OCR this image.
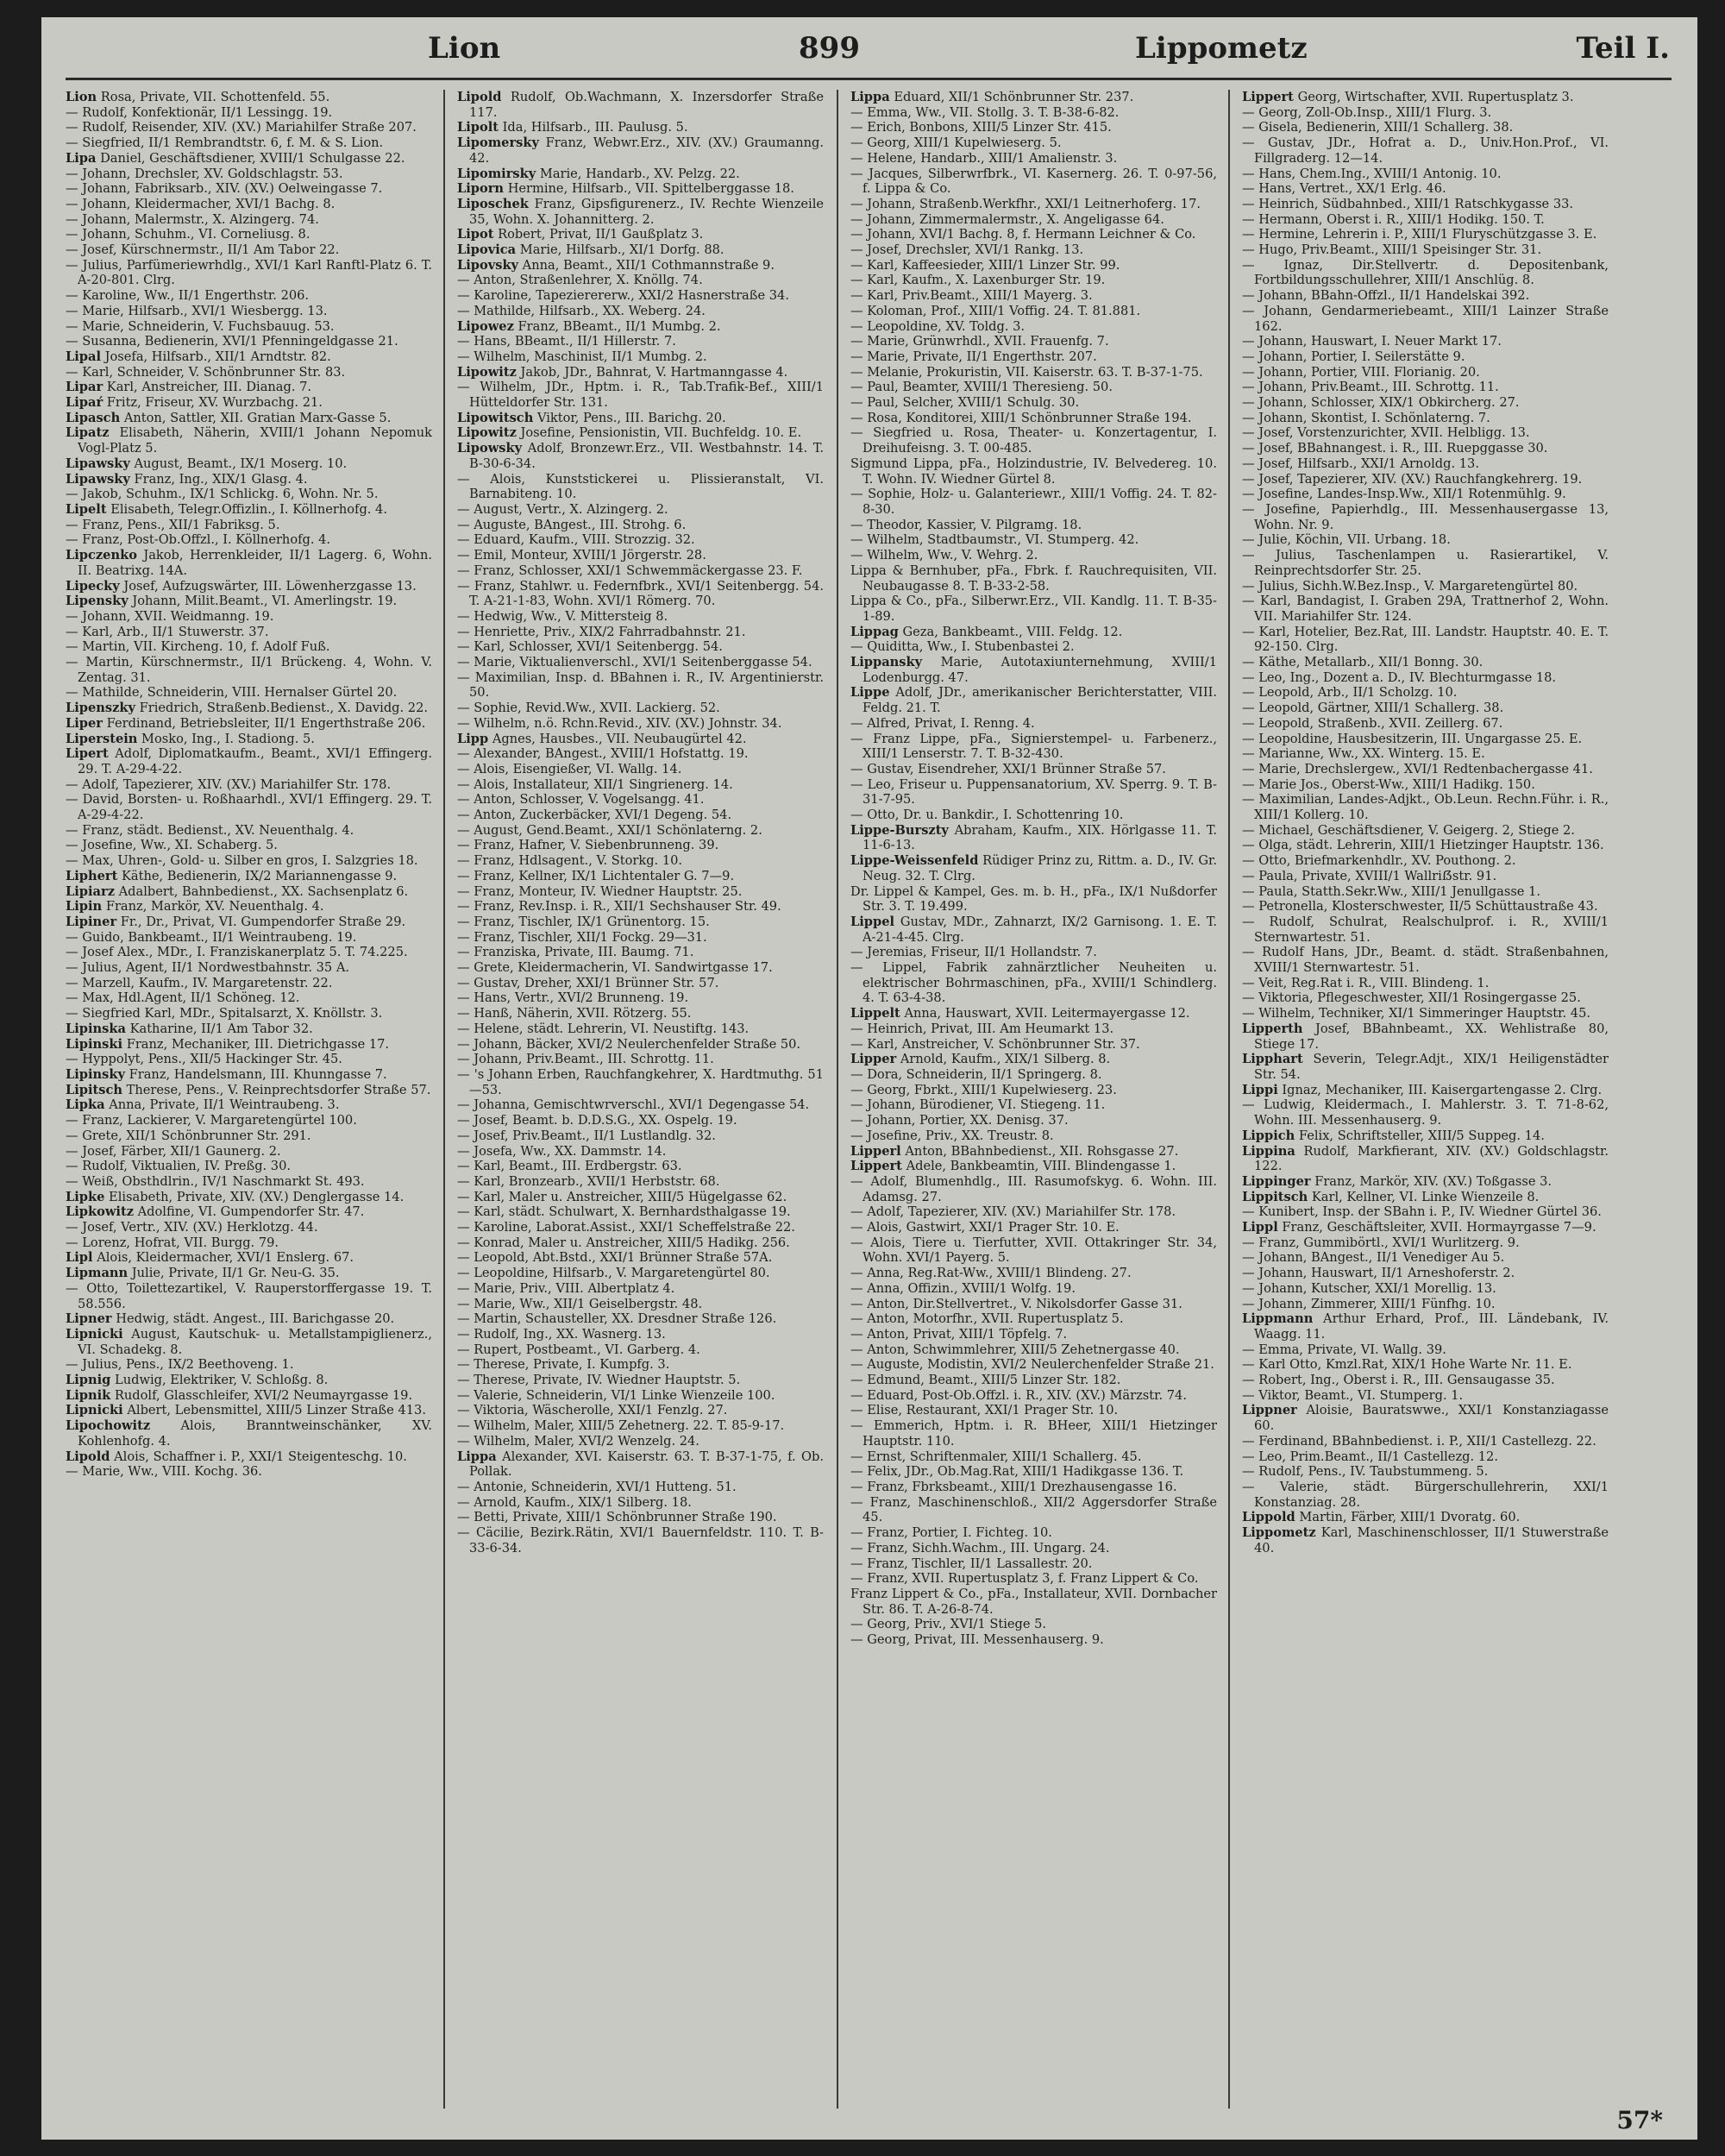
Lion	899	Lippometz	Teil I.

Lion Rosa, Private, VII. Schottenfeld. 55.

— Rudolf, Konfektionär, II/1 Lessingg. 19.

— Rudolf, Reisender, XIV. (XV.) Mariahilfer Straße 207.

— Siegfried, II/1 Rembrandtstr. 6, f. M. & S. Lion.

Lipa Daniel, Geschäftsdiener, XVIII/1 Schulgasse 22.

— Johann, Drechsler, XV. Goldschlagstr. 53.

— Johann, Fabriksarb., XIV. (XV.) Oelweingasse 7.

— Johann, Kleidermacher, XVI/1 Bachg. 8.

— Johann, Malermstr., X. Alzingerg. 74.

— Johann, Schuhm., VI. Corneliusg. 8.

— Josef, Kürschnermstr., II/1 Am Tabor 22.

— Julius, Parfümeriewrhdlg., XVI/1 Karl Ranftl-Platz 6. T. A-20-801. Clrg.

— Karoline, Ww., II/1 Engerthstr. 206.

— Marie, Hilfsarb., XVI/1 Wiesbergg. 13.

— Marie, Schneiderin, V. Fuchsbauug. 53.

— Susanna, Bedienerin, XVI/1 Pfenningeldgasse 21.

Lipal Josefa, Hilfsarb., XII/1 Arndtstr. 82.

— Karl, Schneider, V. Schönbrunner Str. 83.

Lipar Karl, Anstreicher, III. Dianag. 7.

Lipaŕ Fritz, Friseur, XV. Wurzbachg. 21.

Lipasch Anton, Sattler, XII. Gratian Marx-Gasse 5.

Lipatz Elisabeth, Näherin, XVIII/1 Johann Nepomuk Vogl-Platz 5.

Lipawsky August, Beamt., IX/1 Moserg. 10.

Lipawsky Franz, Ing., XIX/1 Glasg. 4.

— Jakob, Schuhm., IX/1 Schlickg. 6, Wohn. Nr. 5.

Lipelt Elisabeth, Telegr.Offizlin., I. Köllnerhofg. 4.

— Franz, Pens., XII/1 Fabriksg. 5.

— Franz, Post-Ob.Offzl., I. Köllnerhofg. 4.

Lipczenko Jakob, Herrenkleider, II/1 Lagerg. 6, Wohn. II. Beatrixg. 14A.

Lipecky Josef, Aufzugswärter, III. Löwenherzgasse 13.

Lipensky Johann, Milit.Beamt., VI. Amerlingstr. 19.

— Johann, XVII. Weidmanng. 19.

— Karl, Arb., II/1 Stuwerstr. 37.

— Martin, VII. Kircheng. 10, f. Adolf Fuß.

— Martin, Kürschnermstr., II/1 Brückeng. 4, Wohn. V. Zentag. 31.

— Mathilde, Schneiderin, VIII. Hernalser Gürtel 20.

Lipenszky Friedrich, Straßenb.Bedienst., X. Davidg. 22.

Liper Ferdinand, Betriebsleiter, II/1 Engerthstraße 206.

Liperstein Mosko, Ing., I. Stadiong. 5.

Lipert Adolf, Diplomatkaufm., Beamt., XVI/1 Effingerg. 29. T. A-29-4-22.

— Adolf, Tapezierer, XIV. (XV.) Mariahilfer Str. 178.

— David, Borsten- u. Roßhaarhdl., XVI/1 Effingerg. 29. T. A-29-4-22.

— Franz, städt. Bedienst., XV. Neuenthalg. 4.

— Josefine, Ww., XI. Schaberg. 5.

— Max, Uhren-, Gold- u. Silber en gros, I. Salzgries 18.

Liphert Käthe, Bedienerin, IX/2 Mariannengasse 9.

Lipiarz Adalbert, Bahnbedienst., XX. Sachsenplatz 6.

Lipin Franz, Markör, XV. Neuenthalg. 4.

Lipiner Fr., Dr., Privat, VI. Gumpendorfer Straße 29.

— Guido, Bankbeamt., II/1 Weintraubeng. 19.

— Josef Alex., MDr., I. Franziskanerplatz 5. T. 74.225.

— Julius, Agent, II/1 Nordwestbahnstr. 35 A.

— Marzell, Kaufm., IV. Margaretenstr. 22.

— Max, Hdl.Agent, II/1 Schöneg. 12.

— Siegfried Karl, MDr., Spitalsarzt, X. Knöllstr. 3.

Lipinska Katharine, II/1 Am Tabor 32.

Lipinski Franz, Mechaniker, III. Dietrichgasse 17.

— Hyppolyt, Pens., XII/5 Hackinger Str. 45.

Lipinsky Franz, Handelsmann, III. Khunngasse 7.

Lipitsch Therese, Pens., V. Reinprechtsdorfer Straße 57.

Lipka Anna, Private, II/1 Weintraubeng. 3.

— Franz, Lackierer, V. Margaretengürtel 100.

— Grete, XII/1 Schönbrunner Str. 291.

— Josef, Färber, XII/1 Gaunerg. 2.

— Rudolf, Viktualien, IV. Preßg. 30.

— Weiß, Obsthdlrin., IV/1 Naschmarkt St. 493.

Lipke Elisabeth, Private, XIV. (XV.) Denglergasse 14.

Lipkowitz Adolfine, VI. Gumpendorfer Str. 47.

— Josef, Vertr., XIV. (XV.) Herklotzg. 44.

— Lorenz, Hofrat, VII. Burgg. 79.

Lipl Alois, Kleidermacher, XVI/1 Enslerg. 67.

Lipmann Julie, Private, II/1 Gr. Neu-G. 35.

— Otto, Toilettezartikel, V. Rauperstorffergasse 19. T. 58.556.

Lipner Hedwig, städt. Angest., III. Barichgasse 20.

Lipnicki August, Kautschuk- u. Metallstampiglienerz., VI. Schadekg. 8.

— Julius, Pens., IX/2 Beethoveng. 1.

Lipnig Ludwig, Elektriker, V. Schloßg. 8.

Lipnik Rudolf, Glasschleifer, XVI/2 Neumayrgasse 19.

Lipnicki Albert, Lebensmittel, XIII/5 Linzer Straße 413.

Lipochowitz Alois, Branntweinschänker, XV. Kohlenhofg. 4.

Lipold Alois, Schaffner i. P., XXI/1 Steigenteschg. 10.

— Marie, Ww., VIII. Kochg. 36.

Lipold Rudolf, Ob.Wachmann, X. Inzersdorfer Straße 117.

Lipolt Ida, Hilfsarb., III. Paulusg. 5.

Lipomersky Franz, Webwr.Erz., XIV. (XV.) Graumanng. 42.

Lipomirsky Marie, Handarb., XV. Pelzg. 22.

Liporn Hermine, Hilfsarb., VII. Spittelberggasse 18.

Liposchek Franz, Gipsfigurenerz., IV. Rechte Wienzeile 35, Wohn. X. Johannitterg. 2.

Lipot Robert, Privat, II/1 Gaußplatz 3.

Lipovica Marie, Hilfsarb., XI/1 Dorfg. 88.

Lipovsky Anna, Beamt., XII/1 Cothmannstraße 9.

— Anton, Straßenlehrer, X. Knöllg. 74.

— Karoline, Tapezierererw., XXI/2 Hasnerstraße 34.

— Mathilde, Hilfsarb., XX. Weberg. 24.

Lipowez Franz, BBeamt., II/1 Mumbg. 2.

— Hans, BBeamt., II/1 Hillerstr. 7.

— Wilhelm, Maschinist, II/1 Mumbg. 2.

Lipowitz Jakob, JDr., Bahnrat, V. Hartmanngasse 4.

— Wilhelm, JDr., Hptm. i. R., Tab.Trafik-Bef., XIII/1 Hütteldorfer Str. 131.

Lipowitsch Viktor, Pens., III. Barichg. 20.

Lipowitz Josefine, Pensionistin, VII. Buchfeldg. 10. E.

Lipowsky Adolf, Bronzewr.Erz., VII. Westbahnstr. 14. T. B-30-6-34.

— Alois, Kunststickerei u. Plissieranstalt, VI. Barnabiteng. 10.

— August, Vertr., X. Alzingerg. 2.

— Auguste, BAngest., III. Strohg. 6.

— Eduard, Kaufm., VIII. Strozzig. 32.

— Emil, Monteur, XVIII/1 Jörgerstr. 28.

— Franz, Schlosser, XXI/1 Schwemmäckergasse 23. F.

— Franz, Stahlwr. u. Federnfbrk., XVI/1 Seitenbergg. 54. T. A-21-1-83, Wohn. XVI/1 Römerg. 70.

— Hedwig, Ww., V. Mittersteig 8.

— Henriette, Priv., XIX/2 Fahrradbahnstr. 21.

— Karl, Schlosser, XVI/1 Seitenbergg. 54.

— Marie, Viktualienverschl., XVI/1 Seitenberggasse 54.

— Maximilian, Insp. d. BBahnen i. R., IV. Argentinierstr. 50.

— Sophie, Revid.Ww., XVII. Lackierg. 52.

— Wilhelm, n.ö. Rchn.Revid., XIV. (XV.) Johnstr. 34.

Lipp Agnes, Hausbes., VII. Neubaugürtel 42.

— Alexander, BAngest., XVIII/1 Hofstattg. 19.

— Alois, Eisengießer, VI. Wallg. 14.

— Alois, Installateur, XII/1 Singrienerg. 14.

— Anton, Schlosser, V. Vogelsangg. 41.

— Anton, Zuckerbäcker, XVI/1 Degeng. 54.

— August, Gend.Beamt., XXI/1 Schönlaterng. 2.

— Franz, Hafner, V. Siebenbrunneng. 39.

— Franz, Hdlsagent., V. Storkg. 10.

— Franz, Kellner, IX/1 Lichtentaler G. 7—9.

— Franz, Monteur, IV. Wiedner Hauptstr. 25.

— Franz, Rev.Insp. i. R., XII/1 Sechshauser Str. 49.

— Franz, Tischler, IX/1 Grünentorg. 15.

— Franz, Tischler, XII/1 Fockg. 29—31.

— Franziska, Private, III. Baumg. 71.

— Grete, Kleidermacherin, VI. Sandwirtgasse 17.

— Gustav, Dreher, XXI/1 Brünner Str. 57.

— Hans, Vertr., XVI/2 Brunneng. 19.

— Hanß, Näherin, XVII. Rötzerg. 55.

— Helene, städt. Lehrerin, VI. Neustiftg. 143.

— Johann, Bäcker, XVI/2 Neulerchenfelder Straße 50.

— Johann, Priv.Beamt., III. Schrottg. 11.

— 's Johann Erben, Rauchfangkehrer, X. Hardtmuthg. 51—53.

— Johanna, Gemischtwrverschl., XVI/1 Degengasse 54.

— Josef, Beamt. b. D.D.S.G., XX. Ospelg. 19.

— Josef, Priv.Beamt., II/1 Lustlandlg. 32.

— Josefa, Ww., XX. Dammstr. 14.

— Karl, Beamt., III. Erdbergstr. 63.

— Karl, Bronzearb., XVII/1 Herbststr. 68.

— Karl, Maler u. Anstreicher, XIII/5 Hügelgasse 62.

— Karl, städt. Schulwart, X. Bernhardsthalgasse 19.

— Karoline, Laborat.Assist., XXI/1 Scheffelstraße 22.

— Konrad, Maler u. Anstreicher, XIII/5 Hadikg. 256.

— Leopold, Abt.Bstd., XXI/1 Brünner Straße 57A.

— Leopoldine, Hilfsarb., V. Margaretengürtel 80.

— Marie, Priv., VIII. Albertplatz 4.

— Marie, Ww., XII/1 Geiselbergstr. 48.

— Martin, Schausteller, XX. Dresdner Straße 126.

— Rudolf, Ing., XX. Wasnerg. 13.

— Rupert, Postbeamt., VI. Garberg. 4.

— Therese, Private, I. Kumpfg. 3.

— Therese, Private, IV. Wiedner Hauptstr. 5.

— Valerie, Schneiderin, VI/1 Linke Wienzeile 100.

— Viktoria, Wäscherolle, XXI/1 Fenzlg. 27.

— Wilhelm, Maler, XIII/5 Zehetnerg. 22. T. 85-9-17.

— Wilhelm, Maler, XVI/2 Wenzelg. 24.

Lippa Alexander, XVI. Kaiserstr. 63. T. B-37-1-75, f. Ob. Pollak.

— Antonie, Schneiderin, XVI/1 Hutteng. 51.

— Arnold, Kaufm., XIX/1 Silberg. 18.

— Betti, Private, XIII/1 Schönbrunner Straße 190.

— Cäcilie, Bezirk.Rätin, XVI/1 Bauernfeldstr. 110. T. B-33-6-34.

Lippa Eduard, XII/1 Schönbrunner Str. 237.

— Emma, Ww., VII. Stollg. 3. T. B-38-6-82.

— Erich, Bonbons, XIII/5 Linzer Str. 415.

— Georg, XIII/1 Kupelwieserg. 5.

— Helene, Handarb., XIII/1 Amalienstr. 3.

— Jacques, Silberwrfbrk., VI. Kasernerg. 26. T. 0-97-56, f. Lippa & Co.

— Johann, Straßenb.Werkfhr., XXI/1 Leitnerhoferg. 17.

— Johann, Zimmermalermstr., X. Angeligasse 64.

— Johann, XVI/1 Bachg. 8, f. Hermann Leichner & Co.

— Josef, Drechsler, XVI/1 Rankg. 13.

— Karl, Kaffeesieder, XIII/1 Linzer Str. 99.

— Karl, Kaufm., X. Laxenburger Str. 19.

— Karl, Priv.Beamt., XIII/1 Mayerg. 3.

— Koloman, Prof., XIII/1 Voffig. 24. T. 81.881.

— Leopoldine, XV. Toldg. 3.

— Marie, Grünwrhdl., XVII. Frauenfg. 7.

— Marie, Private, II/1 Engerthstr. 207.

— Melanie, Prokuristin, VII. Kaiserstr. 63. T. B-37-1-75.

— Paul, Beamter, XVIII/1 Theresieng. 50.

— Paul, Selcher, XVIII/1 Schulg. 30.

— Rosa, Konditorei, XIII/1 Schönbrunner Straße 194.

— Siegfried u. Rosa, Theater- u. Konzertagentur, I. Dreihufeisng. 3. T. 00-485.

Sigmund Lippa, pFa., Holzindustrie, IV. Belvedereg. 10. T. Wohn. IV. Wiedner Gürtel 8.

— Sophie, Holz- u. Galanteriewr., XIII/1 Voffig. 24. T. 82-8-30.

— Theodor, Kassier, V. Pilgramg. 18.

— Wilhelm, Stadtbaumstr., VI. Stumperg. 42.

— Wilhelm, Ww., V. Wehrg. 2.

Lippa & Bernhuber, pFa., Fbrk. f. Rauchrequisiten, VII. Neubaugasse 8. T. B-33-2-58.

Lippa & Co., pFa., Silberwr.Erz., VII. Kandlg. 11. T. B-35-1-89.

Lippag Geza, Bankbeamt., VIII. Feldg. 12.

— Quiditta, Ww., I. Stubenbastei 2.

Lippansky Marie, Autotaxiunternehmung, XVIII/1 Lodenburgg. 47.

Lippe Adolf, JDr., amerikanischer Berichterstatter, VIII. Feldg. 21. T.

— Alfred, Privat, I. Renng. 4.

— Franz Lippe, pFa., Signierstempel- u. Farbenerz., XIII/1 Lenserstr. 7. T. B-32-430.

— Gustav, Eisendreher, XXI/1 Brünner Straße 57.

— Leo, Friseur u. Puppensanatorium, XV. Sperrg. 9. T. B-31-7-95.

— Otto, Dr. u. Bankdir., I. Schottenring 10.

Lippe-Burszty Abraham, Kaufm., XIX. Hörlgasse 11. T. 11-6-13.

Lippe-Weissenfeld Rüdiger Prinz zu, Rittm. a. D., IV. Gr. Neug. 32. T. Clrg.

Dr. Lippel & Kampel, Ges. m. b. H., pFa., IX/1 Nußdorfer Str. 3. T. 19.499.

Lippel Gustav, MDr., Zahnarzt, IX/2 Garnisong. 1. E. T. A-21-4-45. Clrg.

— Jeremias, Friseur, II/1 Hollandstr. 7.

— Lippel, Fabrik zahnärztlicher Neuheiten u. elektrischer Bohrmaschinen, pFa., XVIII/1 Schindlerg. 4. T. 63-4-38.

Lippelt Anna, Hauswart, XVII. Leitermayergasse 12.

— Heinrich, Privat, III. Am Heumarkt 13.

— Karl, Anstreicher, V. Schönbrunner Str. 37.

Lipper Arnold, Kaufm., XIX/1 Silberg. 8.

— Dora, Schneiderin, II/1 Springerg. 8.

— Georg, Fbrkt., XIII/1 Kupelwieserg. 23.

— Johann, Bürodiener, VI. Stiegeng. 11.

— Johann, Portier, XX. Denisg. 37.

— Josefine, Priv., XX. Treustr. 8.

Lipperl Anton, BBahnbedienst., XII. Rohsgasse 27.

Lippert Adele, Bankbeamtin, VIII. Blindengasse 1.

— Adolf, Blumenhdlg., III. Rasumofskyg. 6. Wohn. III. Adamsg. 27.

— Adolf, Tapezierer, XIV. (XV.) Mariahilfer Str. 178.

— Alois, Gastwirt, XXI/1 Prager Str. 10. E.

— Alois, Tiere u. Tierfutter, XVII. Ottakringer Str. 34, Wohn. XVI/1 Payerg. 5.

— Anna, Reg.Rat-Ww., XVIII/1 Blindeng. 27.

— Anna, Offizin., XVIII/1 Wolfg. 19.

— Anton, Dir.Stellvertret., V. Nikolsdorfer Gasse 31.

— Anton, Motorfhr., XVII. Rupertusplatz 5.

— Anton, Privat, XIII/1 Töpfelg. 7.

— Anton, Schwimmlehrer, XIII/5 Zehetnergasse 40.

— Auguste, Modistin, XVI/2 Neulerchenfelder Straße 21.

— Edmund, Beamt., XIII/5 Linzer Str. 182.

— Eduard, Post-Ob.Offzl. i. R., XIV. (XV.) Märzstr. 74.

— Elise, Restaurant, XXI/1 Prager Str. 10.

— Emmerich, Hptm. i. R. BHeer, XIII/1 Hietzinger Hauptstr. 110.

— Ernst, Schriftenmaler, XIII/1 Schallerg. 45.

— Felix, JDr., Ob.Mag.Rat, XIII/1 Hadikgasse 136. T.

— Franz, Fbrksbeamt., XIII/1 Drezhausengasse 16.

— Franz, Maschinenschloß., XII/2 Aggersdorfer Straße 45.

— Franz, Portier, I. Fichteg. 10.

— Franz, Sichh.Wachm., III. Ungarg. 24.

— Franz, Tischler, II/1 Lassallestr. 20.

— Franz, XVII. Rupertusplatz 3, f. Franz Lippert & Co.

Franz Lippert & Co., pFa., Installateur, XVII. Dornbacher Str. 86. T. A-26-8-74.

— Georg, Priv., XVI/1 Stiege 5.

— Georg, Privat, III. Messenhauserg. 9.

Lippert Georg, Wirtschafter, XVII. Rupertusplatz 3.

— Georg, Zoll-Ob.Insp., XIII/1 Flurg. 3.

— Gisela, Bedienerin, XIII/1 Schallerg. 38.

— Gustav, JDr., Hofrat a. D., Univ.Hon.Prof., VI. Fillgraderg. 12—14.

— Hans, Chem.Ing., XVIII/1 Antonig. 10.

— Hans, Vertret., XX/1 Erlg. 46.

— Heinrich, Südbahnbed., XIII/1 Ratschkygasse 33.

— Hermann, Oberst i. R., XIII/1 Hodikg. 150. T.

— Hermine, Lehrerin i. P., XIII/1 Fluryschützgasse 3. E.

— Hugo, Priv.Beamt., XIII/1 Speisinger Str. 31.

— Ignaz, Dir.Stellvertr. d. Depositenbank, Fortbildungsschullehrer, XIII/1 Anschlüg. 8.

— Johann, BBahn-Offzl., II/1 Handelskai 392.

— Johann, Gendarmeriebeamt., XIII/1 Lainzer Straße 162.

— Johann, Hauswart, I. Neuer Markt 17.

— Johann, Portier, I. Seilerstätte 9.

— Johann, Portier, VIII. Florianig. 20.

— Johann, Priv.Beamt., III. Schrottg. 11.

— Johann, Schlosser, XIX/1 Obkircherg. 27.

— Johann, Skontist, I. Schönlaterng. 7.

— Josef, Vorstenzurichter, XVII. Helbligg. 13.

— Josef, BBahnangest. i. R., III. Ruepggasse 30.

— Josef, Hilfsarb., XXI/1 Arnoldg. 13.

— Josef, Tapezierer, XIV. (XV.) Rauchfangkehrerg. 19.

— Josefine, Landes-Insp.Ww., XII/1 Rotenmühlg. 9.

— Josefine, Papierhdlg., III. Messenhausergasse 13, Wohn. Nr. 9.

— Julie, Köchin, VII. Urbang. 18.

— Julius, Taschenlampen u. Rasierartikel, V. Reinprechtsdorfer Str. 25.

— Julius, Sichh.W.Bez.Insp., V. Margaretengürtel 80.

— Karl, Bandagist, I. Graben 29A, Trattnerhof 2, Wohn. VII. Mariahilfer Str. 124.

— Karl, Hotelier, Bez.Rat, III. Landstr. Hauptstr. 40. E. T. 92-150. Clrg.

— Käthe, Metallarb., XII/1 Bonng. 30.

— Leo, Ing., Dozent a. D., IV. Blechturmgasse 18.

— Leopold, Arb., II/1 Scholzg. 10.

— Leopold, Gärtner, XIII/1 Schallerg. 38.

— Leopold, Straßenb., XVII. Zeillerg. 67.

— Leopoldine, Hausbesitzerin, III. Ungargasse 25. E.

— Marianne, Ww., XX. Winterg. 15. E.

— Marie, Drechslergew., XVI/1 Redtenbachergasse 41.

— Marie Jos., Oberst-Ww., XIII/1 Hadikg. 150.

— Maximilian, Landes-Adjkt., Ob.Leun. Rechn.Führ. i. R., XIII/1 Kollerg. 10.

— Michael, Geschäftsdiener, V. Geigerg. 2, Stiege 2.

— Olga, städt. Lehrerin, XIII/1 Hietzinger Hauptstr. 136.

— Otto, Briefmarkenhdlr., XV. Pouthong. 2.

— Paula, Private, XVIII/1 Wallriẞstr. 91.

— Paula, Statth.Sekr.Ww., XIII/1 Jenullgasse 1.

— Petronella, Klosterschwester, II/5 Schüttaustraße 43.

— Rudolf, Schulrat, Realschulprof. i. R., XVIII/1 Sternwartestr. 51.

— Rudolf Hans, JDr., Beamt. d. städt. Straßenbahnen, XVIII/1 Sternwartestr. 51.

— Veit, Reg.Rat i. R., VIII. Blindeng. 1.

— Viktoria, Pflegeschwester, XII/1 Rosingergasse 25.

— Wilhelm, Techniker, XI/1 Simmeringer Hauptstr. 45.

Lipperth Josef, BBahnbeamt., XX. Wehlistraße 80, Stiege 17.

Lipphart Severin, Telegr.Adjt., XIX/1 Heiligenstädter Str. 54.

Lippi Ignaz, Mechaniker, III. Kaisergartengasse 2. Clrg.

— Ludwig, Kleidermach., I. Mahlerstr. 3. T. 71-8-62, Wohn. III. Messenhauserg. 9.

Lippich Felix, Schriftsteller, XIII/5 Suppeg. 14.

Lippina Rudolf, Markfierant, XIV. (XV.) Goldschlagstr. 122.

Lippinger Franz, Markör, XIV. (XV.) Toßgasse 3.

Lippitsch Karl, Kellner, VI. Linke Wienzeile 8.

— Kunibert, Insp. der SBahn i. P., IV. Wiedner Gürtel 36.

Lippl Franz, Geschäftsleiter, XVII. Hormayrgasse 7—9.

— Franz, Gummibörtl., XVI/1 Wurlitzerg. 9.

— Johann, BAngest., II/1 Venediger Au 5.

— Johann, Hauswart, II/1 Arneshoferstr. 2.

— Johann, Kutscher, XXI/1 Morellig. 13.

— Johann, Zimmerer, XIII/1 Fünfhg. 10.

Lippmann Arthur Erhard, Prof., III. Ländebank, IV. Waagg. 11.

— Emma, Private, VI. Wallg. 39.

— Karl Otto, Kmzl.Rat, XIX/1 Hohe Warte Nr. 11. E.

— Robert, Ing., Oberst i. R., III. Gensaugasse 35.

— Viktor, Beamt., VI. Stumperg. 1.

Lippner Aloisie, Bauratswwe., XXI/1 Konstanziagasse 60.

— Ferdinand, BBahnbedienst. i. P., XII/1 Castellezg. 22.

— Leo, Prim.Beamt., II/1 Castellezg. 12.

— Rudolf, Pens., IV. Taubstummeng. 5.

— Valerie, städt. Bürgerschullehrerin, XXI/1 Konstanziag. 28.

Lippold Martin, Färber, XIII/1 Dvoratg. 60.

Lippometz Karl, Maschinenschlosser, II/1 Stuwerstraße 40.

57*
